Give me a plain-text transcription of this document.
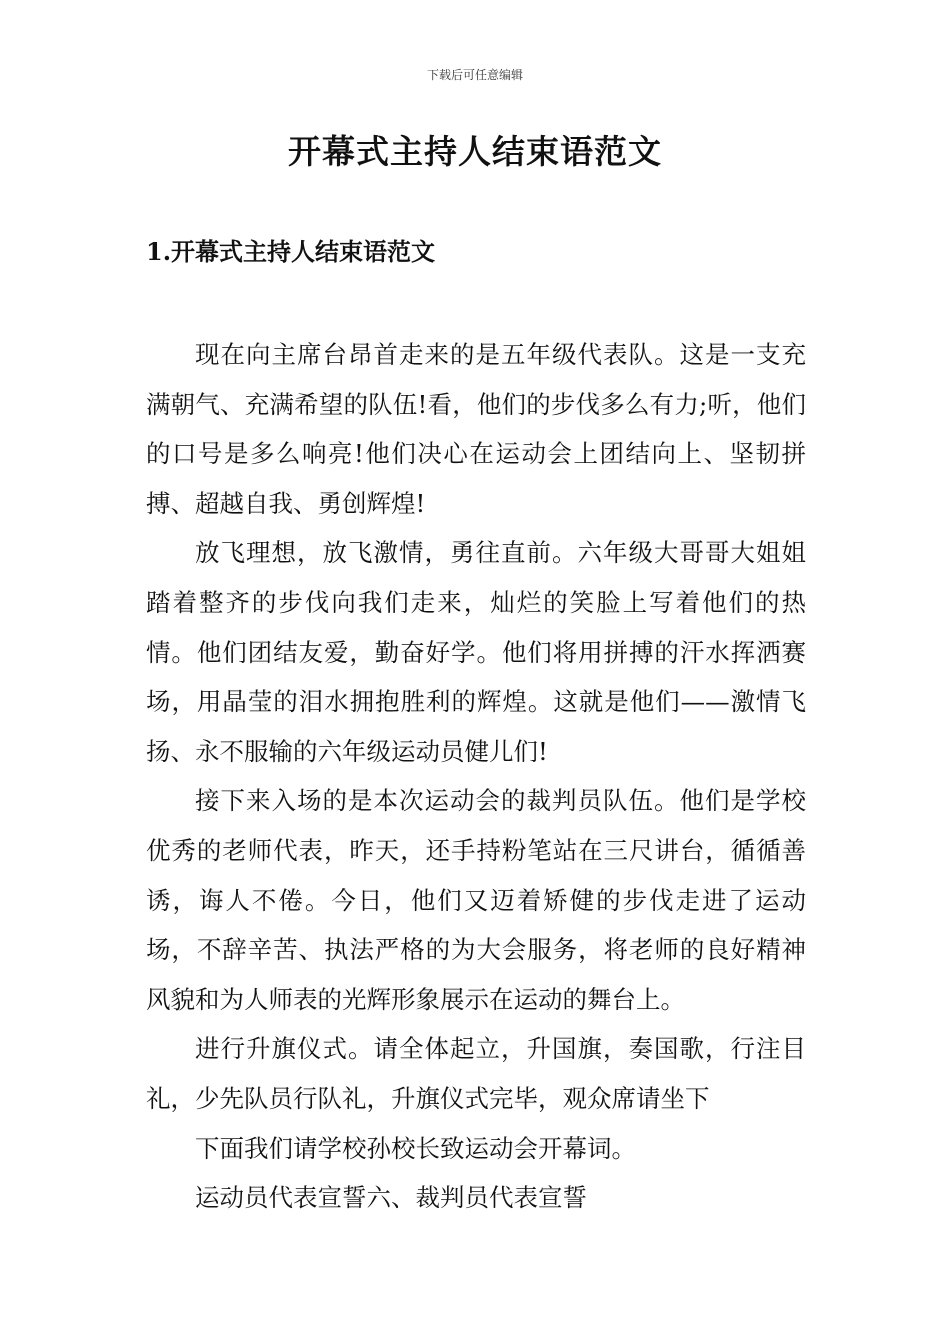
下载后可任意编辑
开幕式主持人结束语范文
1.开幕式主持人结束语范文

现在向主席台昂首走来的是五年级代表队。这是一支充满朝气、充满希望的队伍!看，他们的步伐多么有力;听，他们的口号是多么响亮!他们决心在运动会上团结向上、坚韧拼搏、超越自我、勇创辉煌!

放飞理想，放飞激情，勇往直前。六年级大哥哥大姐姐踏着整齐的步伐向我们走来，灿烂的笑脸上写着他们的热情。他们团结友爱，勤奋好学。他们将用拼搏的汗水挥洒赛场，用晶莹的泪水拥抱胜利的辉煌。这就是他们——激情飞扬、永不服输的六年级运动员健儿们!

接下来入场的是本次运动会的裁判员队伍。他们是学校优秀的老师代表，昨天，还手持粉笔站在三尺讲台，循循善诱，诲人不倦。今日，他们又迈着矫健的步伐走进了运动场，不辞辛苦、执法严格的为大会服务，将老师的良好精神风貌和为人师表的光辉形象展示在运动的舞台上。

进行升旗仪式。请全体起立，升国旗，奏国歌，行注目礼，少先队员行队礼，升旗仪式完毕，观众席请坐下

下面我们请学校孙校长致运动会开幕词。

运动员代表宣誓六、裁判员代表宣誓
